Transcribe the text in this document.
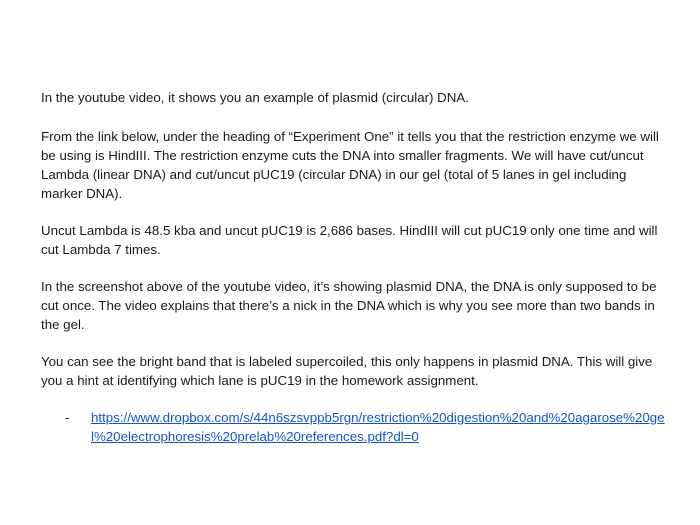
In the youtube video, it shows you an example of plasmid (circular) DNA.

From the link below, under the heading of “Experiment One” it tells you that the restriction enzyme we will be using is HindIII. The restriction enzyme cuts the DNA into smaller fragments. We will have cut/uncut Lambda (linear DNA) and cut/uncut pUC19 (circular DNA) in our gel (total of 5 lanes in gel including marker DNA).

Uncut Lambda is 48.5 kba and uncut pUC19 is 2,686 bases. HindIII will cut pUC19 only one time and will cut Lambda 7 times.

In the screenshot above of the youtube video, it’s showing plasmid DNA, the DNA is only supposed to be cut once. The video explains that there’s a nick in the DNA which is why you see more than two bands in the gel.

You can see the bright band that is labeled supercoiled, this only happens in plasmid DNA. This will give you a hint at identifying which lane is pUC19 in the homework assignment.

- https://www.dropbox.com/s/44n6szsvppb5rgn/restriction%20digestion%20and%20agarose%20gel%20electrophoresis%20prelab%20references.pdf?dl=0
